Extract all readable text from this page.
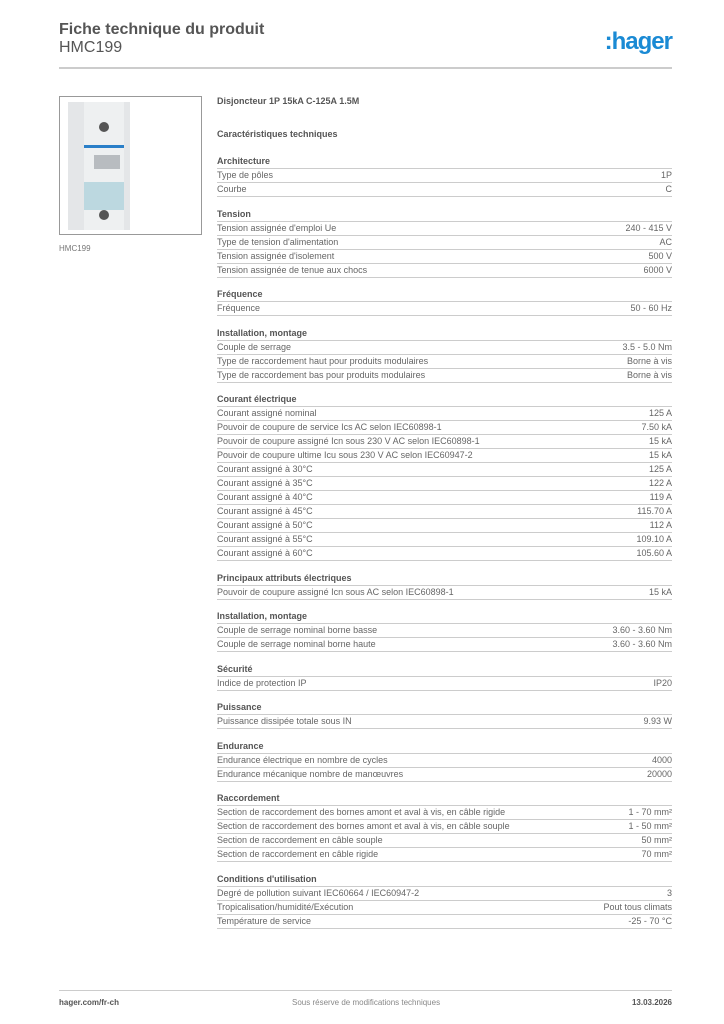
Fiche technique du produit
HMC199	:hager
HMC199
Disjoncteur 1P 15kA C-125A 1.5M
Caractéristiques techniques
Architecture
Type de pôles	1P
Courbe	C
Tension
Tension assignée d'emploi Ue	240 - 415 V
Type de tension d'alimentation	AC
Tension assignée d'isolement	500 V
Tension assignée de tenue aux chocs	6000 V
Fréquence
Fréquence	50 - 60 Hz
Installation, montage
Couple de serrage	3.5 - 5.0 Nm
Type de raccordement haut pour produits modulaires	Borne à vis
Type de raccordement bas pour produits modulaires	Borne à vis
Courant électrique
Courant assigné nominal	125 A
Pouvoir de coupure de service Ics AC selon IEC60898-1	7.50 kA
Pouvoir de coupure assigné Icn sous 230 V AC selon IEC60898-1	15 kA
Pouvoir de coupure ultime Icu sous 230 V AC selon IEC60947-2	15 kA
Courant assigné à 30°C	125 A
Courant assigné à 35°C	122 A
Courant assigné à 40°C	119 A
Courant assigné à 45°C	115.70 A
Courant assigné à 50°C	112 A
Courant assigné à 55°C	109.10 A
Courant assigné à 60°C	105.60 A
Principaux attributs électriques
Pouvoir de coupure assigné Icn sous AC selon IEC60898-1	15 kA
Installation, montage
Couple de serrage nominal borne basse	3.60 - 3.60 Nm
Couple de serrage nominal borne haute	3.60 - 3.60 Nm
Sécurité
Indice de protection IP	IP20
Puissance
Puissance dissipée totale sous IN	9.93 W
Endurance
Endurance électrique en nombre de cycles	4000
Endurance mécanique nombre de manœuvres	20000
Raccordement
Section de raccordement des bornes amont et aval à vis, en câble rigide	1 - 70 mm²
Section de raccordement des bornes amont et aval à vis, en câble souple	1 - 50 mm²
Section de raccordement en câble souple	50 mm²
Section de raccordement en câble rigide	70 mm²
Conditions d'utilisation
Degré de pollution suivant IEC60664 / IEC60947-2	3
Tropicalisation/humidité/Exécution	Pout tous climats
Température de service	-25 - 70 °C
hager.com/fr-ch	Sous réserve de modifications techniques	13.03.2026
